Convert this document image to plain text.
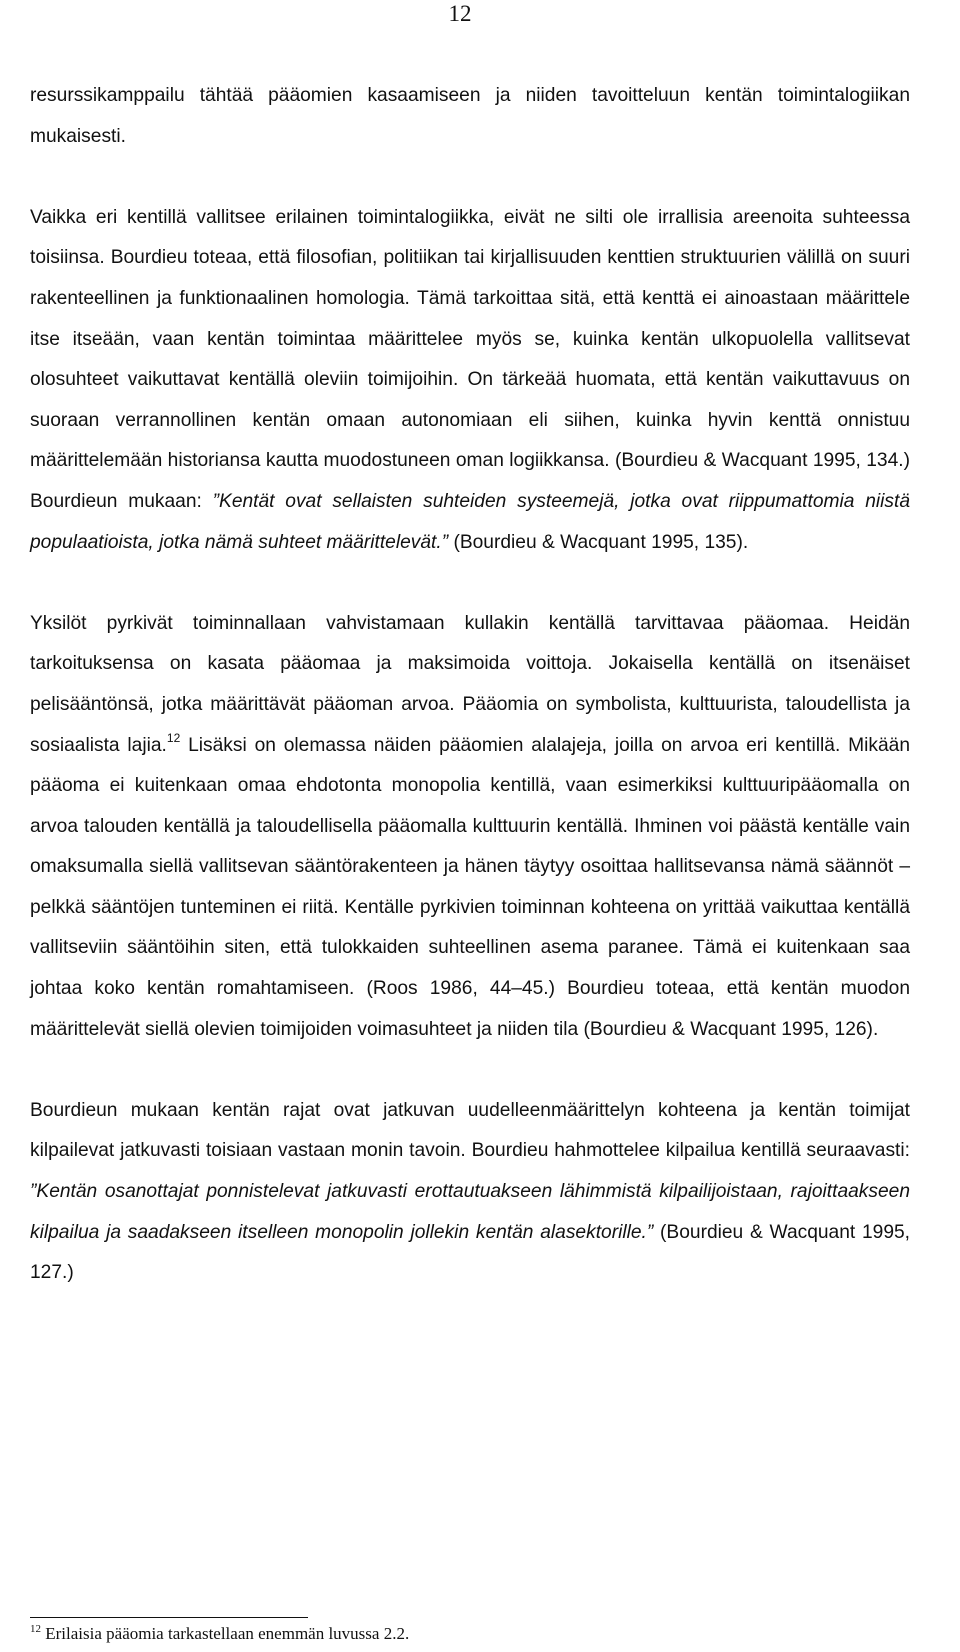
12

resurssikamppailu tähtää pääomien kasaamiseen ja niiden tavoitteluun kentän toimintalogiikan mukaisesti.

Vaikka eri kentillä vallitsee erilainen toimintalogiikka, eivät ne silti ole irrallisia areenoita suhteessa toisiinsa. Bourdieu toteaa, että filosofian, politiikan tai kirjallisuuden kenttien struktuurien välillä on suuri rakenteellinen ja funktionaalinen homologia. Tämä tarkoittaa sitä, että kenttä ei ainoastaan määrittele itse itseään, vaan kentän toimintaa määrittelee myös se, kuinka kentän ulkopuolella vallitsevat olosuhteet vaikuttavat kentällä oleviin toimijoihin. On tärkeää huomata, että kentän vaikuttavuus on suoraan verrannollinen kentän omaan autonomiaan eli siihen, kuinka hyvin kenttä onnistuu määrittelemään historiansa kautta muodostuneen oman logiikkansa. (Bourdieu & Wacquant 1995, 134.) Bourdieun mukaan: ”Kentät ovat sellaisten suhteiden systeemejä, jotka ovat riippumattomia niistä populaatioista, jotka nämä suhteet määrittelevät.” (Bourdieu & Wacquant 1995, 135).

Yksilöt pyrkivät toiminnallaan vahvistamaan kullakin kentällä tarvittavaa pääomaa. Heidän tarkoituksensa on kasata pääomaa ja maksimoida voittoja. Jokaisella kentällä on itsenäiset pelisääntönsä, jotka määrittävät pääoman arvoa. Pääomia on symbolista, kulttuurista, taloudellista ja sosiaalista lajia.$^{12}$ Lisäksi on olemassa näiden pääomien alalajeja, joilla on arvoa eri kentillä. Mikään pääoma ei kuitenkaan omaa ehdotonta monopolia kentillä, vaan esimerkiksi kulttuuripääomalla on arvoa talouden kentällä ja taloudellisella pääomalla kulttuurin kentällä. Ihminen voi päästä kentälle vain omaksumalla siellä vallitsevan sääntörakenteen ja hänen täytyy osoittaa hallitsevansa nämä säännöt – pelkkä sääntöjen tunteminen ei riitä. Kentälle pyrkivien toiminnan kohteena on yrittää vaikuttaa kentällä vallitseviin sääntöihin siten, että tulokkaiden suhteellinen asema paranee. Tämä ei kuitenkaan saa johtaa koko kentän romahtamiseen. (Roos 1986, 44–45.) Bourdieu toteaa, että kentän muodon määrittelevät siellä olevien toimijoiden voimasuhteet ja niiden tila (Bourdieu & Wacquant 1995, 126).

Bourdieun mukaan kentän rajat ovat jatkuvan uudelleenmäärittelyn kohteena ja kentän toimijat kilpailevat jatkuvasti toisiaan vastaan monin tavoin. Bourdieu hahmottelee kilpailua kentillä seuraavasti: ”Kentän osanottajat ponnistelevat jatkuvasti erottautuakseen lähimmistä kilpailijoistaan, rajoittaakseen kilpailua ja saadakseen itselleen monopolin jollekin kentän alasektorille.” (Bourdieu & Wacquant 1995, 127.)

$^{12}$ Erilaisia pääomia tarkastellaan enemmän luvussa 2.2.
